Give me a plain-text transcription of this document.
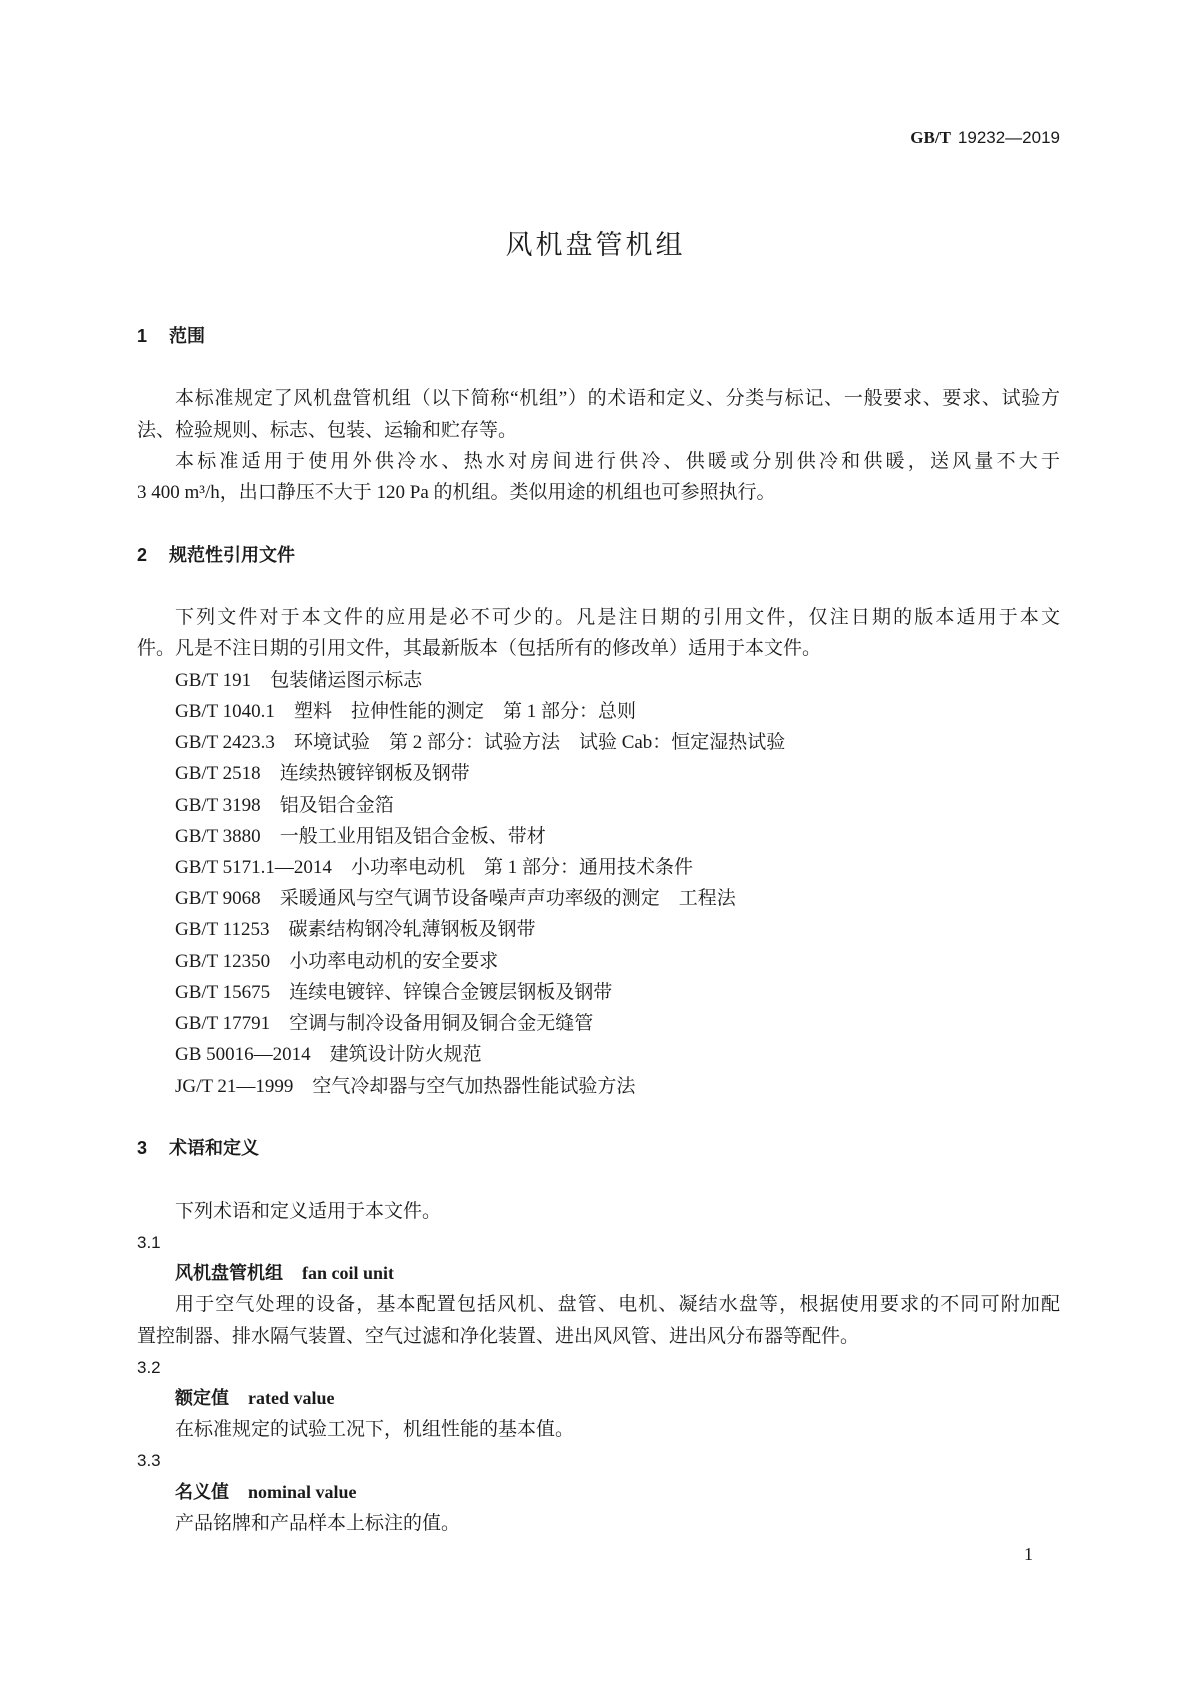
GB/T 19232—2019
风机盘管机组
1 范围
本标准规定了风机盘管机组（以下简称“机组”）的术语和定义、分类与标记、一般要求、要求、试验方
法、检验规则、标志、包装、运输和贮存等。
本标准适用于使用外供冷水、热水对房间进行供冷、供暖或分别供冷和供暖，送风量不大于
3 400 m³/h，出口静压不大于 120 Pa 的机组。类似用途的机组也可参照执行。
2 规范性引用文件
下列文件对于本文件的应用是必不可少的。凡是注日期的引用文件，仅注日期的版本适用于本文
件。凡是不注日期的引用文件，其最新版本（包括所有的修改单）适用于本文件。
GB/T 191 包装储运图示标志
GB/T 1040.1 塑料　拉伸性能的测定　第 1 部分：总则
GB/T 2423.3 环境试验　第 2 部分：试验方法　试验 Cab：恒定湿热试验
GB/T 2518 连续热镀锌钢板及钢带
GB/T 3198 铝及铝合金箔
GB/T 3880 一般工业用铝及铝合金板、带材
GB/T 5171.1—2014 小功率电动机　第 1 部分：通用技术条件
GB/T 9068 采暖通风与空气调节设备噪声声功率级的测定　工程法
GB/T 11253 碳素结构钢冷轧薄钢板及钢带
GB/T 12350 小功率电动机的安全要求
GB/T 15675 连续电镀锌、锌镍合金镀层钢板及钢带
GB/T 17791 空调与制冷设备用铜及铜合金无缝管
GB 50016—2014 建筑设计防火规范
JG/T 21—1999 空气冷却器与空气加热器性能试验方法
3 术语和定义
下列术语和定义适用于本文件。
3.1
风机盘管机组 fan coil unit
用于空气处理的设备，基本配置包括风机、盘管、电机、凝结水盘等，根据使用要求的不同可附加配
置控制器、排水隔气装置、空气过滤和净化装置、进出风风管、进出风分布器等配件。
3.2
额定值 rated value
在标准规定的试验工况下，机组性能的基本值。
3.3
名义值 nominal value
产品铭牌和产品样本上标注的值。
1
